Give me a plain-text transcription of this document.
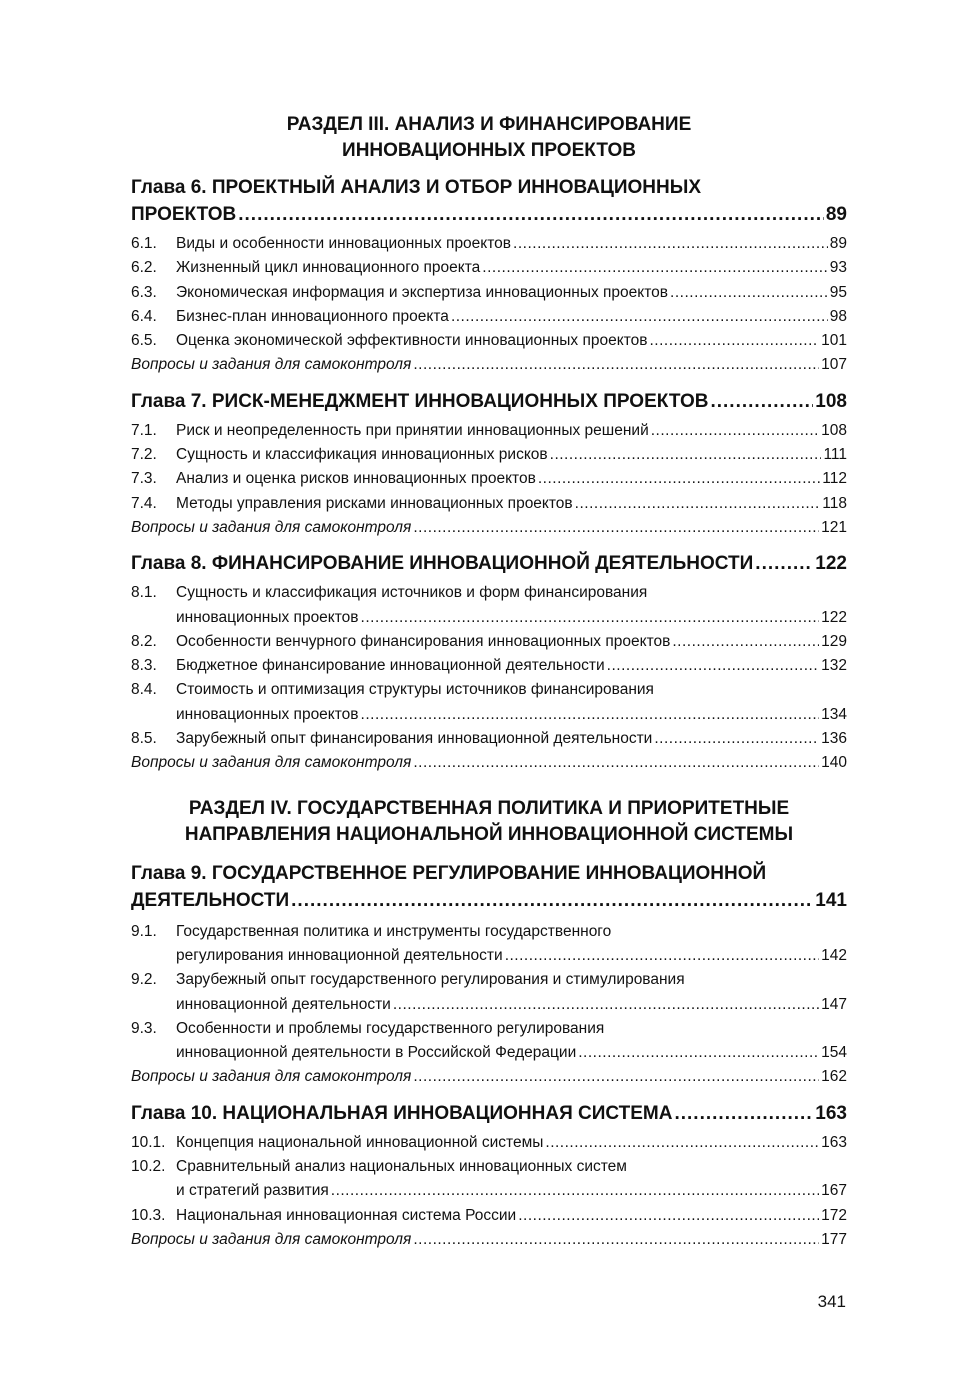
РАЗДЕЛ III. АНАЛИЗ И ФИНАНСИРОВАНИЕ
ИННОВАЦИОННЫХ ПРОЕКТОВ
Глава 6. ПРОЕКТНЫЙ АНАЛИЗ И ОТБОР ИННОВАЦИОННЫХ
ПРОЕКТОВ .....	89
6.1.	Виды и особенности инновационных проектов .....	89
6.2.	Жизненный цикл инновационного проекта .....	93
6.3.	Экономическая информация и экспертиза инновационных проектов .....	95
6.4.	Бизнес-план инновационного проекта .....	98
6.5.	Оценка экономической эффективности инновационных проектов .....	101
Вопросы и задания для самоконтроля .....	107
Глава 7. РИСК-МЕНЕДЖМЕНТ ИННОВАЦИОННЫХ ПРОЕКТОВ .....	108
7.1.	Риск и неопределенность при принятии инновационных решений .....	108
7.2.	Сущность и классификация инновационных рисков .....	111
7.3.	Анализ и оценка рисков инновационных проектов .....	112
7.4.	Методы управления рисками инновационных проектов .....	118
Вопросы и задания для самоконтроля .....	121
Глава 8. ФИНАНСИРОВАНИЕ ИННОВАЦИОННОЙ ДЕЯТЕЛЬНОСТИ .....	122
8.1.	Сущность и классификация источников и форм финансирования
инновационных проектов .....	122
8.2.	Особенности венчурного финансирования инновационных проектов .....	129
8.3.	Бюджетное финансирование инновационной деятельности .....	132
8.4.	Стоимость и оптимизация структуры источников финансирования
инновационных проектов .....	134
8.5.	Зарубежный опыт финансирования инновационной деятельности .....	136
Вопросы и задания для самоконтроля .....	140
РАЗДЕЛ IV. ГОСУДАРСТВЕННАЯ ПОЛИТИКА И ПРИОРИТЕТНЫЕ
НАПРАВЛЕНИЯ НАЦИОНАЛЬНОЙ ИННОВАЦИОННОЙ СИСТЕМЫ
Глава 9. ГОСУДАРСТВЕННОЕ РЕГУЛИРОВАНИЕ ИННОВАЦИОННОЙ
ДЕЯТЕЛЬНОСТИ .....	141
9.1.	Государственная политика и инструменты государственного
регулирования инновационной деятельности .....	142
9.2.	Зарубежный опыт государственного регулирования и стимулирования
инновационной деятельности .....	147
9.3.	Особенности и проблемы государственного регулирования
инновационной деятельности в Российской Федерации .....	154
Вопросы и задания для самоконтроля .....	162
Глава 10. НАЦИОНАЛЬНАЯ ИННОВАЦИОННАЯ СИСТЕМА .....	163
10.1. Концепция национальной инновационной системы .....	163
10.2. Сравнительный анализ национальных инновационных систем
и стратегий развития .....	167
10.3. Национальная инновационная система России .....	172
Вопросы и задания для самоконтроля .....	177
341
